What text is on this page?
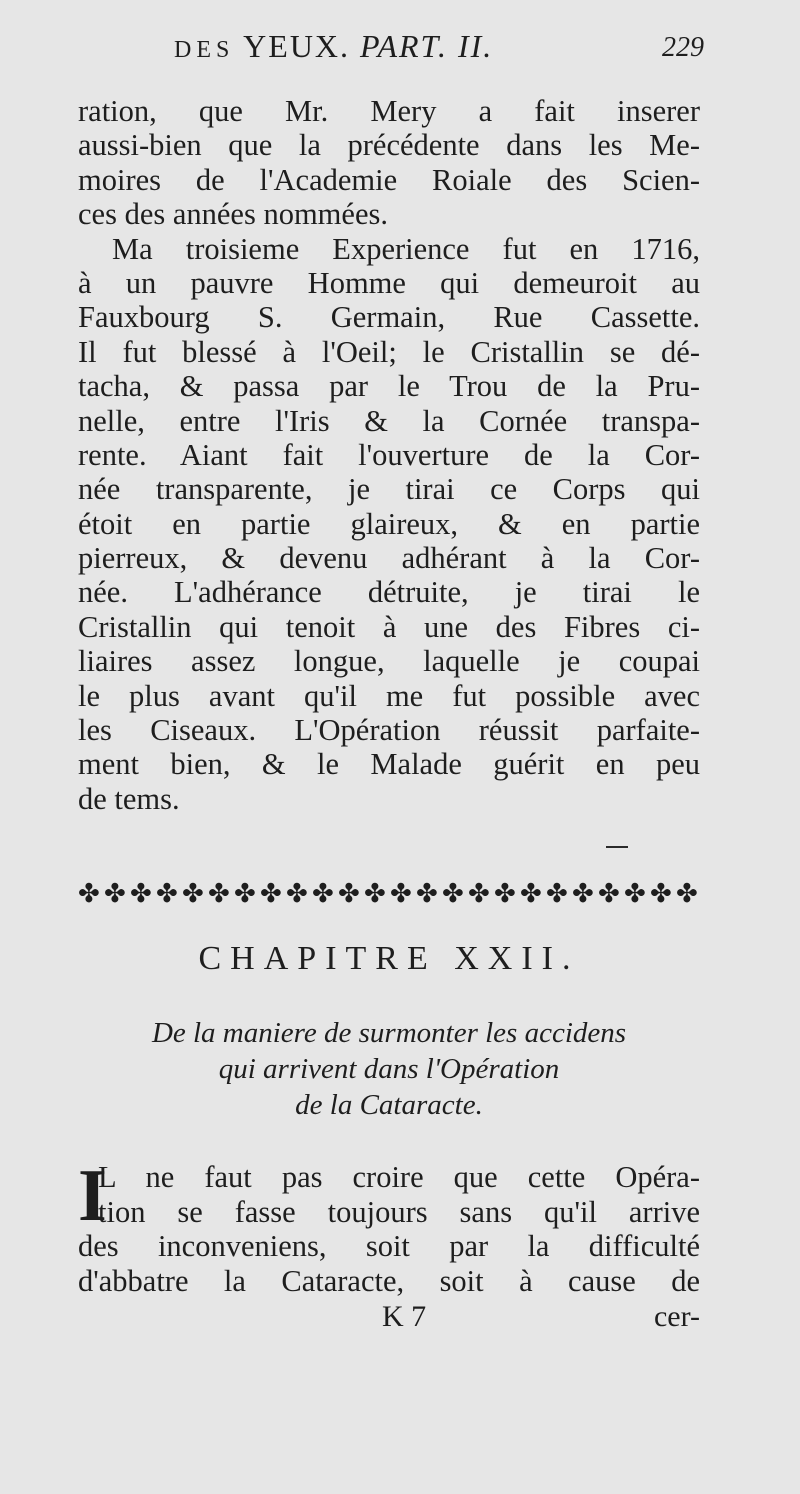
DES YEUX. PART. II.	229
ration, que Mr. Mery a fait inserer
aussi-bien que la précédente dans les Me-
moires de l'Academie Roiale des Scien-
ces des années nommées.
Ma troisieme Experience fut en 1716,
à un pauvre Homme qui demeuroit au
Fauxbourg S. Germain, Rue Cassette.
Il fut blessé à l'Oeil; le Cristallin se dé-
tacha, & passa par le Trou de la Pru-
nelle, entre l'Iris & la Cornée transpa-
rente. Aiant fait l'ouverture de la Cor-
née transparente, je tirai ce Corps qui
étoit en partie glaireux, & en partie
pierreux, & devenu adhérant à la Cor-
née. L'adhérance détruite, je tirai le
Cristallin qui tenoit à une des Fibres ci-
liaires assez longue, laquelle je coupai
le plus avant qu'il me fut possible avec
les Ciseaux. L'Opération réussit parfaite-
ment bien, & le Malade guérit en peu
de tems.
✤ ✤ ✤ ✤ ✤ ✤ ✤ ✤ ✤ ✤ ✤ ✤ ✤ ✤ ✤ ✤ ✤ ✤ ✤ ✤ ✤ ✤ ✤ ✤
CHAPITRE XXII.
De la maniere de surmonter les accidens
qui arrivent dans l'Opération
de la Cataracte.
I
L ne faut pas croire que cette Opéra-
tion se fasse toujours sans qu'il arrive
des inconveniens, soit par la difficulté
d'abbatre la Cataracte, soit à cause de
K 7	cer-
